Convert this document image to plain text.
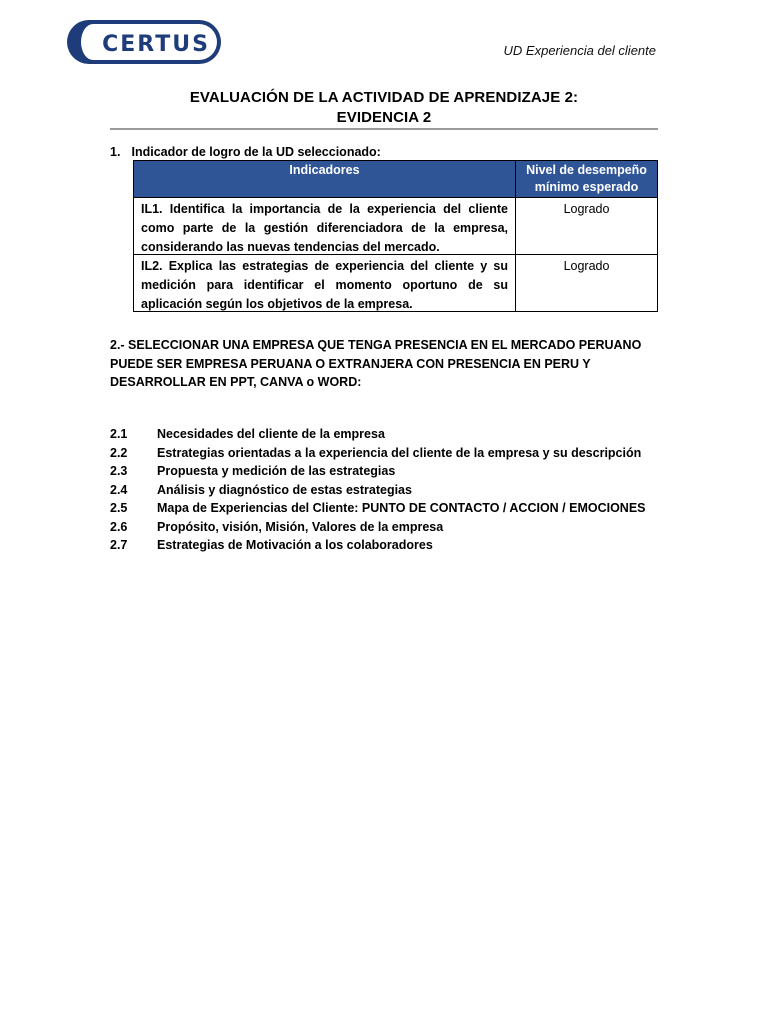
CERTUS	UD Experiencia del cliente
EVALUACIÓN DE LA ACTIVIDAD DE APRENDIZAJE 2:
EVIDENCIA 2
1. Indicador de logro de la UD seleccionado:
Indicadores	Nivel de desempeño mínimo esperado

IL1. Identifica la importancia de la experiencia del cliente como parte de la gestión diferenciadora de la empresa, considerando las nuevas tendencias del mercado.	Logrado

IL2. Explica las estrategias de experiencia del cliente y su medición para identificar el momento oportuno de su aplicación según los objetivos de la empresa.	Logrado
2.- SELECCIONAR UNA EMPRESA QUE TENGA PRESENCIA EN EL MERCADO PERUANO PUEDE SER EMPRESA PERUANA O EXTRANJERA CON PRESENCIA EN PERU Y DESARROLLAR EN PPT, CANVA o WORD:
2.1 Necesidades del cliente de la empresa
2.2 Estrategias orientadas a la experiencia del cliente de la empresa y su descripción
2.3 Propuesta y medición de las estrategias
2.4 Análisis y diagnóstico de estas estrategias
2.5 Mapa de Experiencias del Cliente: PUNTO DE CONTACTO / ACCION / EMOCIONES
2.6 Propósito, visión, Misión, Valores de la empresa
2.7 Estrategias de Motivación a los colaboradores
